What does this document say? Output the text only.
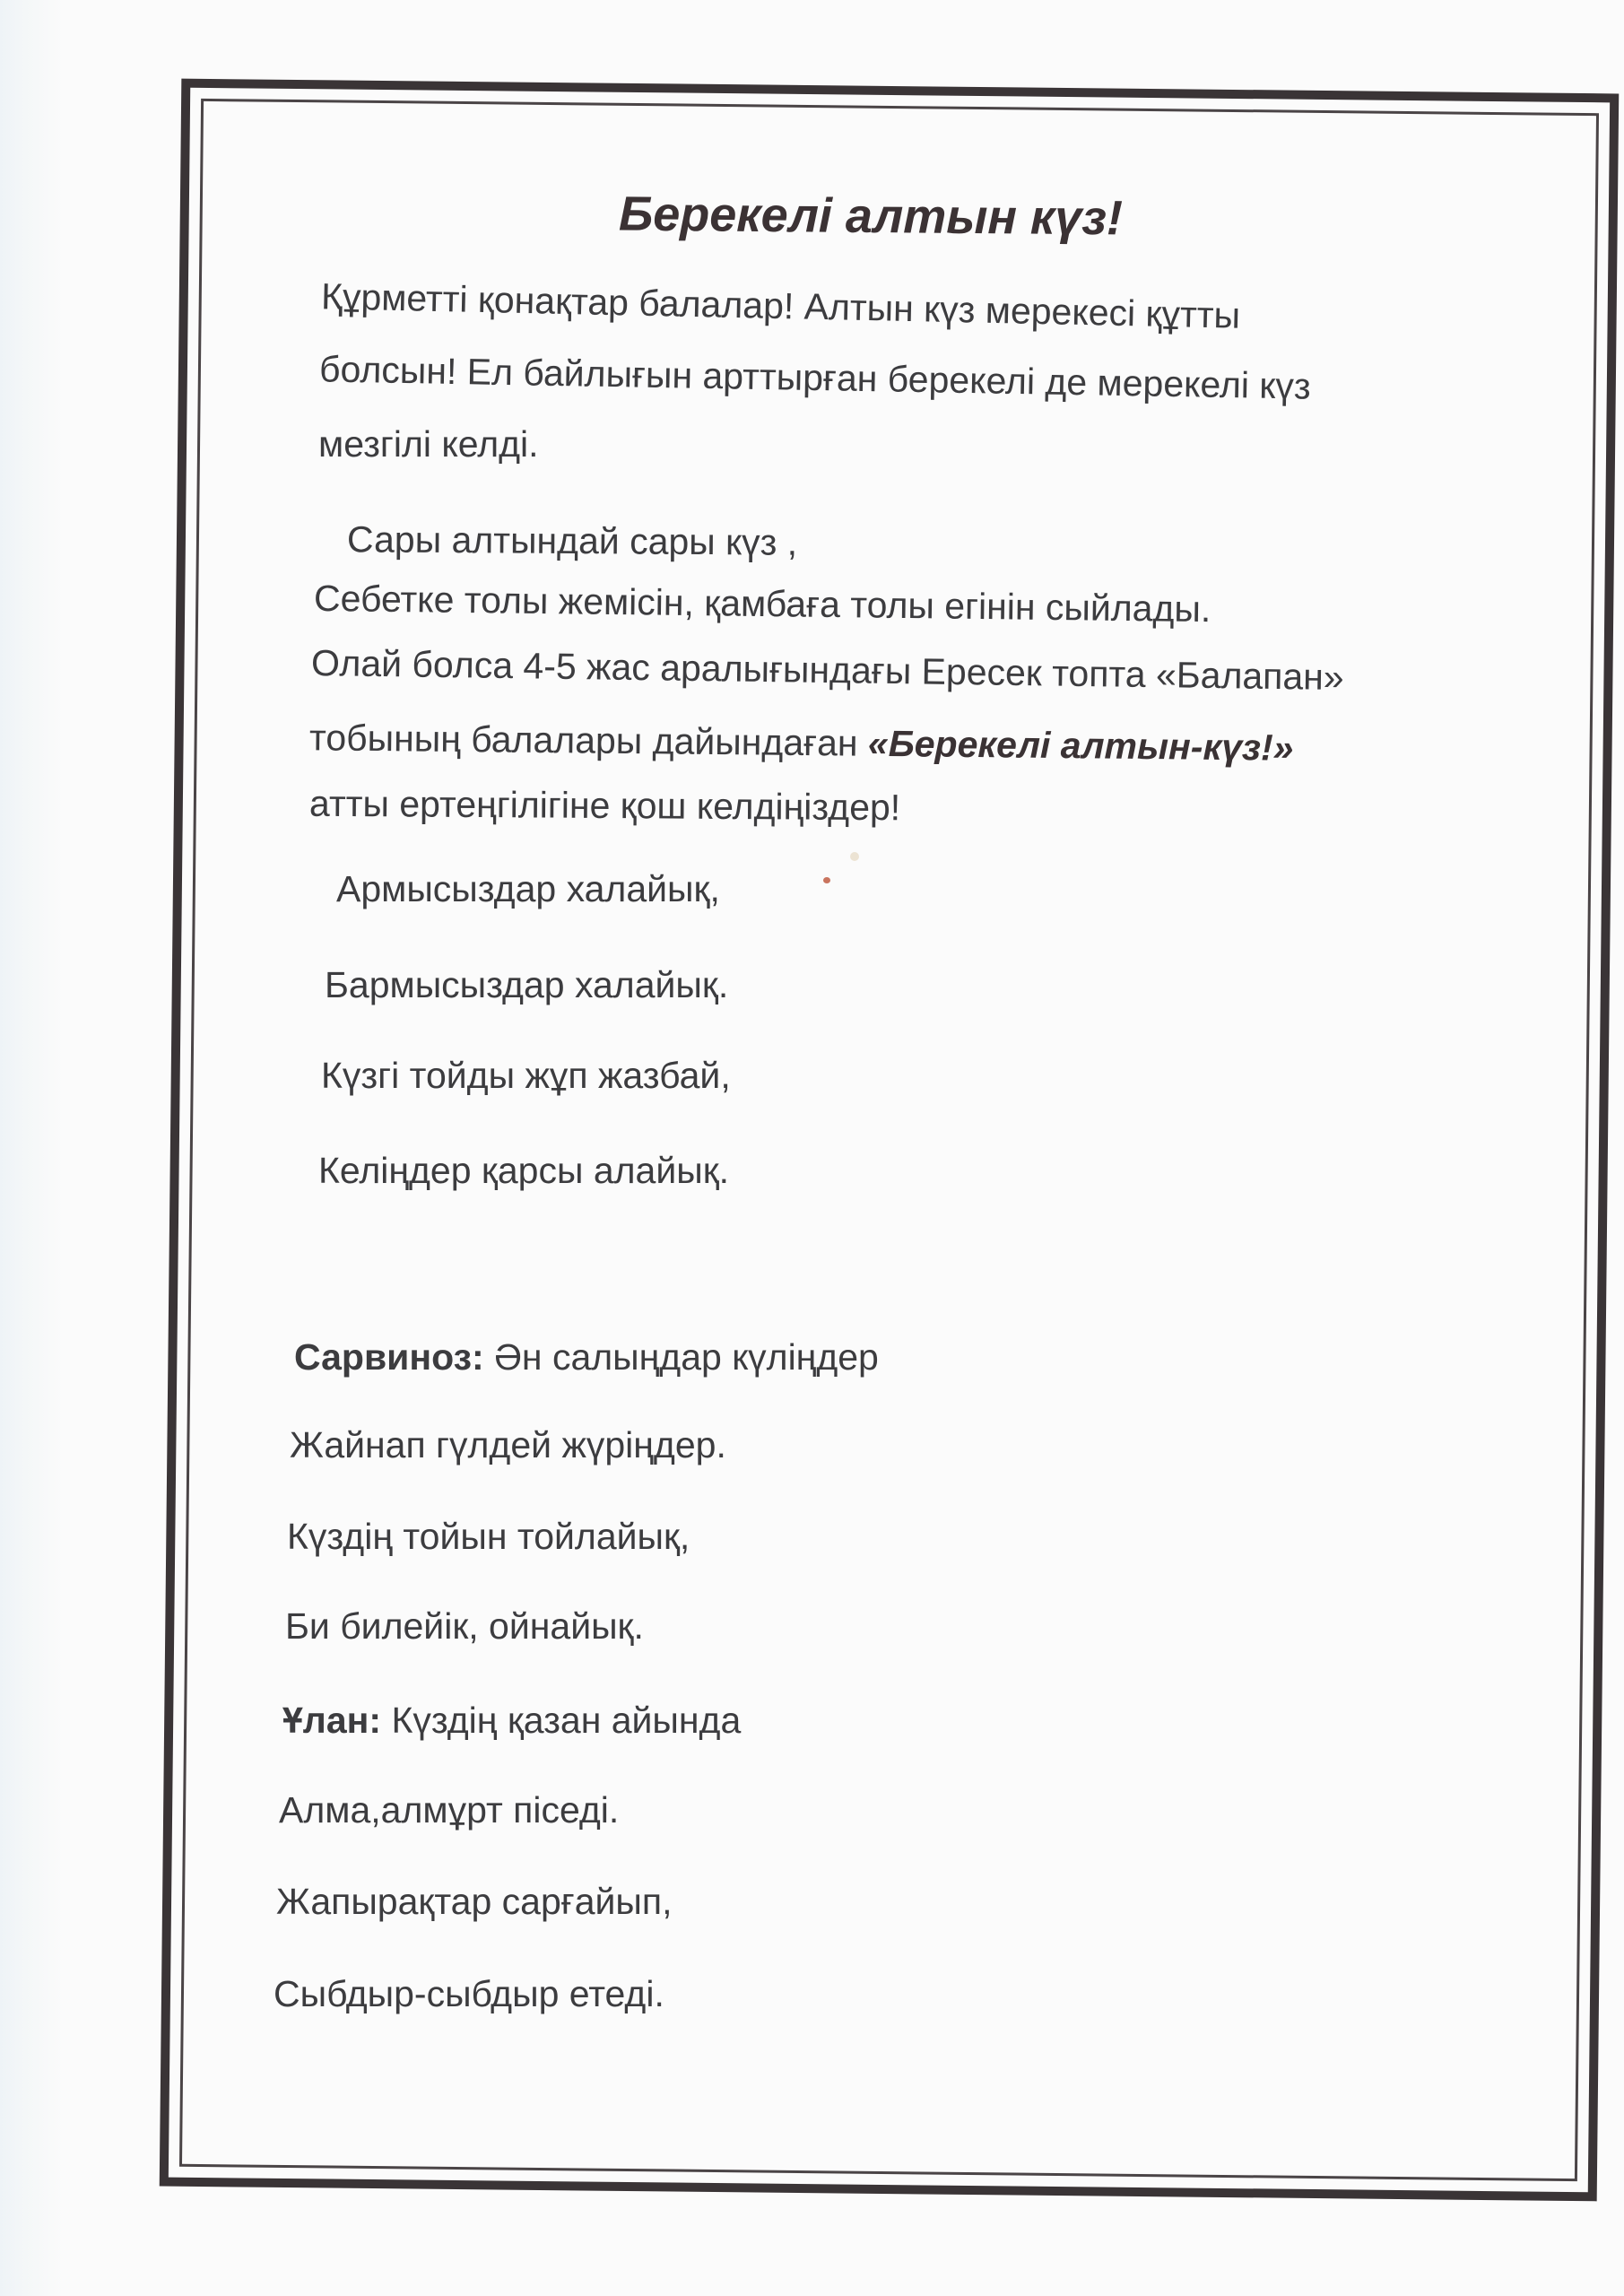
Берекелі алтын күз!
Құрметті қонақтар балалар! Алтын күз мерекесі құтты
болсын! Ел байлығын арттырған берекелі де мерекелі күз
мезгілі келді.
Сары алтындай сары күз ,
Себетке толы жемісін, қамбаға толы егінін сыйлады.
Олай болса 4-5 жас аралығындағы Ересек топта «Балапан»
тобының балалары дайындаған «Берекелі алтын-күз!»
атты ертеңгілігіне қош келдіңіздер!
Армысыздар халайық,
Бармысыздар халайық.
Күзгі тойды жұп жазбай,
Келіңдер қарсы алайық.
Сарвиноз: Ән салыңдар күліңдер
Жайнап гүлдей жүріңдер.
Күздің тойын тойлайық,
Би билейік, ойнайық.
Ұлан: Күздің қазан айында
Алма,алмұрт піседі.
Жапырақтар сарғайып,
Сыбдыр-сыбдыр етеді.
